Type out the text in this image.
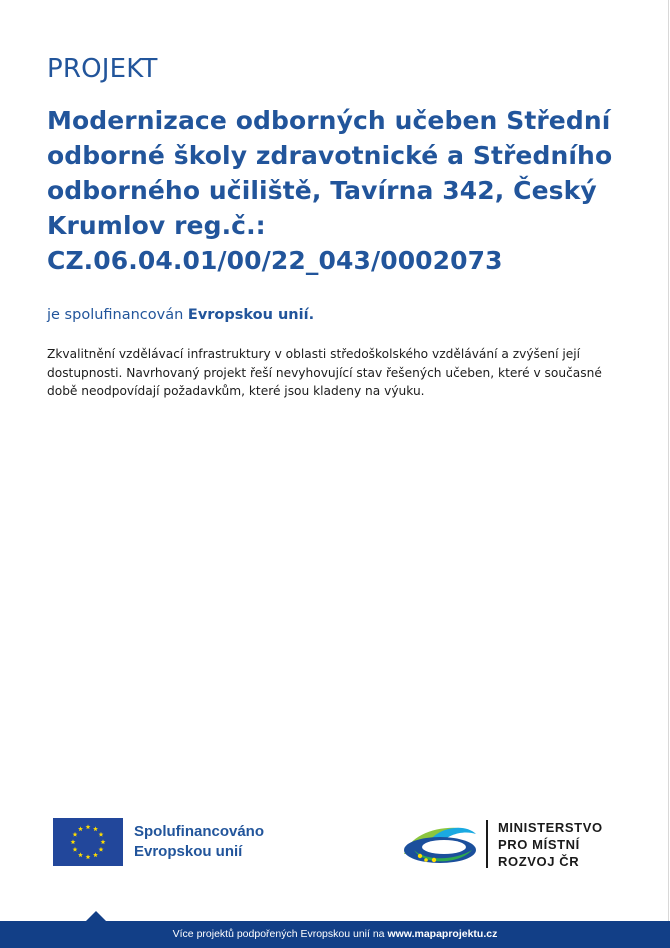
PROJEKT
Modernizace odborných učeben Střední odborné školy zdravotnické a Středního odborného učiliště, Tavírna 342, Český Krumlov reg.č.: CZ.06.04.01/00/22_043/0002073
je spolufinancován Evropskou unií.

Zkvalitnění vzdělávací infrastruktury v oblasti středoškolského vzdělávání a zvýšení její dostupnosti. Navrhovaný projekt řeší nevyhovující stav řešených učeben, které v současné době neodpovídají požadavkům, které jsou kladeny na výuku.

Spolufinancováno
Evropskou unií
MINISTERSTVO
PRO MÍSTNÍ
ROZVOJ ČR
Více projektů podpořených Evropskou unií na www.mapaprojektu.cz
